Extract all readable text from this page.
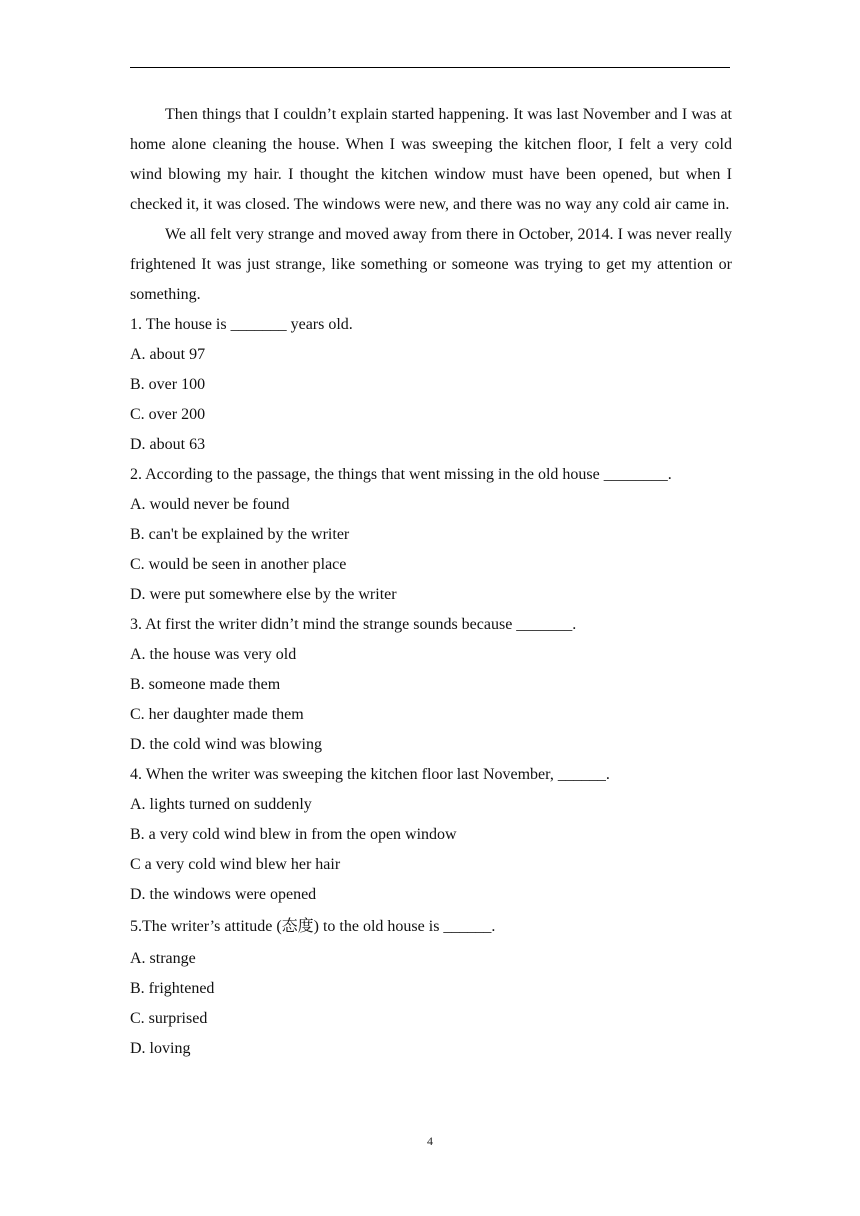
Then things that I couldn’t explain started happening. It was last November and I was at home alone cleaning the house. When I was sweeping the kitchen floor, I felt a very cold wind blowing my hair. I thought the kitchen window must have been opened, but when I checked it, it was closed. The windows were new, and there was no way any cold air came in.

We all felt very strange and moved away from there in October, 2014. I was never really frightened It was just strange, like something or someone was trying to get my attention or something.

1. The house is _______ years old.

A. about 97

B. over 100

C. over 200

D. about 63

2. According to the passage, the things that went missing in the old house ________.

A. would never be found

B. can't be explained by the writer

C. would be seen in another place

D. were put somewhere else by the writer

3. At first the writer didn’t mind the strange sounds because _______.

A. the house was very old

B. someone made them

C. her daughter made them

D. the cold wind was blowing

4. When the writer was sweeping the kitchen floor last November, ______.

A. lights turned on suddenly

B. a very cold wind blew in from the open window

C a very cold wind blew her hair

D. the windows were opened

5.The writer’s attitude (态度) to the old house is ______.

A. strange

B. frightened

C. surprised

D. loving

4
